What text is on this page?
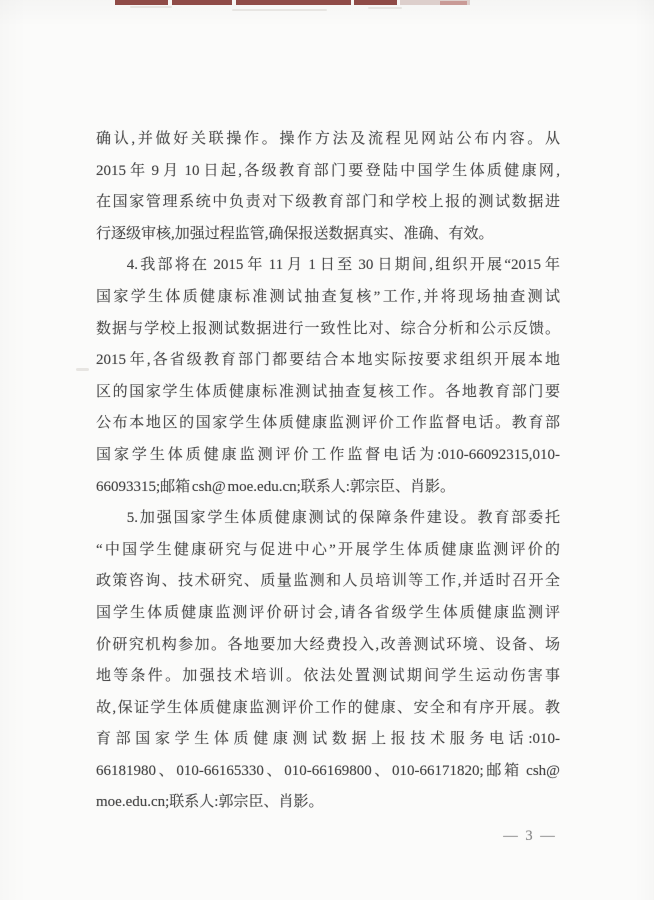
确认,并做好关联操作。操作方法及流程见网站公布内容。从
2015 年 9 月 10 日起,各级教育部门要登陆中国学生体质健康网,
在国家管理系统中负责对下级教育部门和学校上报的测试数据进
行逐级审核,加强过程监管,确保报送数据真实、准确、有效。
4.我部将在 2015 年 11 月 1 日至 30 日期间,组织开展“2015 年
国家学生体质健康标准测试抽查复核”工作,并将现场抽查测试
数据与学校上报测试数据进行一致性比对、综合分析和公示反馈。
2015 年,各省级教育部门都要结合本地实际按要求组织开展本地
区的国家学生体质健康标准测试抽查复核工作。各地教育部门要
公布本地区的国家学生体质健康监测评价工作监督电话。教育部
国家学生体质健康监测评价工作监督电话为:010-66092315,010-
66093315;邮箱 csh@ moe.edu.cn;联系人:郭宗臣、肖影。
5.加强国家学生体质健康测试的保障条件建设。教育部委托
“中国学生健康研究与促进中心”开展学生体质健康监测评价的
政策咨询、技术研究、质量监测和人员培训等工作,并适时召开全
国学生体质健康监测评价研讨会,请各省级学生体质健康监测评
价研究机构参加。各地要加大经费投入,改善测试环境、设备、场
地等条件。加强技术培训。依法处置测试期间学生运动伤害事
故,保证学生体质健康监测评价工作的健康、安全和有序开展。教
育部国家学生体质健康测试数据上报技术服务电话:010-
66181980、010-66165330、010-66169800、010-66171820;邮箱 csh@
moe.edu.cn;联系人:郭宗臣、肖影。
— 3 —
